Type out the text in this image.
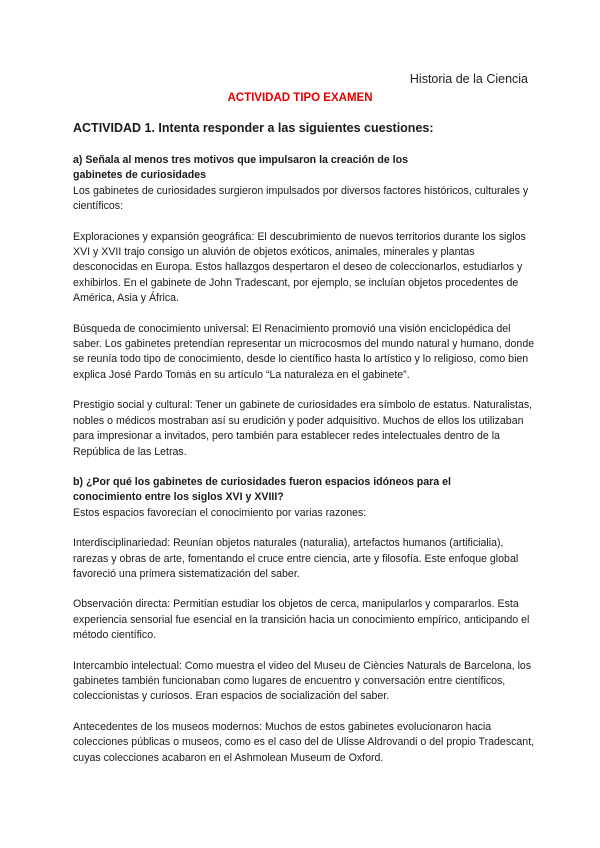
Historia de la Ciencia
ACTIVIDAD TIPO EXAMEN

ACTIVIDAD 1. Intenta responder a las siguientes cuestiones:

a) Señala al menos tres motivos que impulsaron la creación de los

gabinetes de curiosidades

Los gabinetes de curiosidades surgieron impulsados por diversos factores históricos, culturales y científicos:

Exploraciones y expansión geográfica: El descubrimiento de nuevos territorios durante los siglos XVI y XVII trajo consigo un aluvión de objetos exóticos, animales, minerales y plantas desconocidas en Europa. Estos hallazgos despertaron el deseo de coleccionarlos, estudiarlos y exhibirlos. En el gabinete de John Tradescant, por ejemplo, se incluían objetos procedentes de América, Asia y África.

Búsqueda de conocimiento universal: El Renacimiento promovió una visión enciclopédica del saber. Los gabinetes pretendían representar un microcosmos del mundo natural y humano, donde se reunía todo tipo de conocimiento, desde lo científico hasta lo artístico y lo religioso, como bien explica José Pardo Tomás en su artículo “La naturaleza en el gabinete”.

Prestigio social y cultural: Tener un gabinete de curiosidades era símbolo de estatus. Naturalistas, nobles o médicos mostraban así su erudición y poder adquisitivo. Muchos de ellos los utilizaban para impresionar a invitados, pero también para establecer redes intelectuales dentro de la República de las Letras.

b) ¿Por qué los gabinetes de curiosidades fueron espacios idóneos para el

conocimiento entre los siglos XVI y XVIII?

Estos espacios favorecían el conocimiento por varias razones:

Interdisciplinariedad: Reunían objetos naturales (naturalia), artefactos humanos (artificialia), rarezas y obras de arte, fomentando el cruce entre ciencia, arte y filosofía. Este enfoque global favoreció una primera sistematización del saber.

Observación directa: Permitían estudiar los objetos de cerca, manipularlos y compararlos. Esta experiencia sensorial fue esencial en la transición hacia un conocimiento empírico, anticipando el método científico.

Intercambio intelectual: Como muestra el video del Museu de Ciències Naturals de Barcelona, los gabinetes también funcionaban como lugares de encuentro y conversación entre científicos, coleccionistas y curiosos. Eran espacios de socialización del saber.

Antecedentes de los museos modernos: Muchos de estos gabinetes evolucionaron hacia colecciones públicas o museos, como es el caso del de Ulisse Aldrovandi o del propio Tradescant, cuyas colecciones acabaron en el Ashmolean Museum de Oxford.
